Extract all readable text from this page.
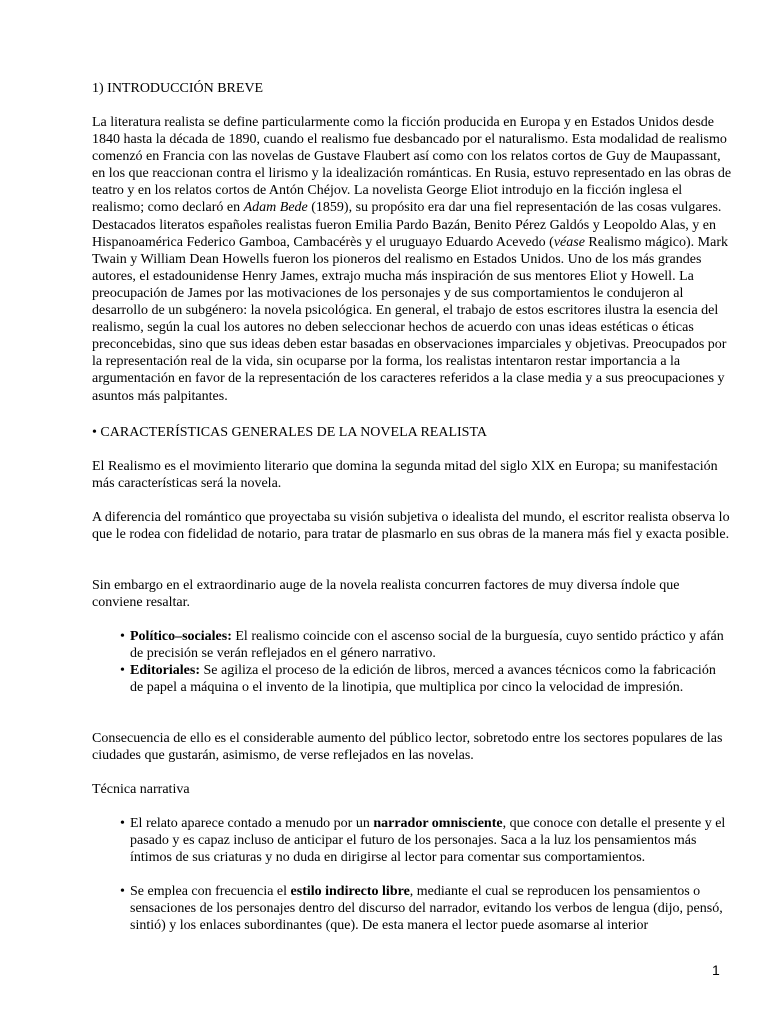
1) INTRODUCCIÓN BREVE

La literatura realista se define particularmente como la ficción producida en Europa y en Estados Unidos desde 1840 hasta la década de 1890, cuando el realismo fue desbancado por el naturalismo. Esta modalidad de realismo comenzó en Francia con las novelas de Gustave Flaubert así como con los relatos cortos de Guy de Maupassant, en los que reaccionan contra el lirismo y la idealización románticas. En Rusia, estuvo representado en las obras de teatro y en los relatos cortos de Antón Chéjov. La novelista George Eliot introdujo en la ficción inglesa el realismo; como declaró en Adam Bede (1859), su propósito era dar una fiel representación de las cosas vulgares. Destacados literatos españoles realistas fueron Emilia Pardo Bazán, Benito Pérez Galdós y Leopoldo Alas, y en Hispanoamérica Federico Gamboa, Cambacérès y el uruguayo Eduardo Acevedo (véase Realismo mágico). Mark Twain y William Dean Howells fueron los pioneros del realismo en Estados Unidos. Uno de los más grandes autores, el estadounidense Henry James, extrajo mucha más inspiración de sus mentores Eliot y Howell. La preocupación de James por las motivaciones de los personajes y de sus comportamientos le condujeron al desarrollo de un subgénero: la novela psicológica. En general, el trabajo de estos escritores ilustra la esencia del realismo, según la cual los autores no deben seleccionar hechos de acuerdo con unas ideas estéticas o éticas preconcebidas, sino que sus ideas deben estar basadas en observaciones imparciales y objetivas. Preocupados por la representación real de la vida, sin ocuparse por la forma, los realistas intentaron restar importancia a la argumentación en favor de la representación de los caracteres referidos a la clase media y a sus preocupaciones y asuntos más palpitantes.

• CARACTERÍSTICAS GENERALES DE LA NOVELA REALISTA

El Realismo es el movimiento literario que domina la segunda mitad del siglo XlX en Europa; su manifestación más características será la novela.

A diferencia del romántico que proyectaba su visión subjetiva o idealista del mundo, el escritor realista observa lo que le rodea con fidelidad de notario, para tratar de plasmarlo en sus obras de la manera más fiel y exacta posible.

Sin embargo en el extraordinario auge de la novela realista concurren factores de muy diversa índole que conviene resaltar.

• Político–sociales: El realismo coincide con el ascenso social de la burguesía, cuyo sentido práctico y afán de precisión se verán reflejados en el género narrativo.

• Editoriales: Se agiliza el proceso de la edición de libros, merced a avances técnicos como la fabricación de papel a máquina o el invento de la linotipia, que multiplica por cinco la velocidad de impresión.

Consecuencia de ello es el considerable aumento del público lector, sobretodo entre los sectores populares de las ciudades que gustarán, asimismo, de verse reflejados en las novelas.

Técnica narrativa

• El relato aparece contado a menudo por un narrador omnisciente, que conoce con detalle el presente y el pasado y es capaz incluso de anticipar el futuro de los personajes. Saca a la luz los pensamientos más íntimos de sus criaturas y no duda en dirigirse al lector para comentar sus comportamientos.

• Se emplea con frecuencia el estilo indirecto libre, mediante el cual se reproducen los pensamientos o sensaciones de los personajes dentro del discurso del narrador, evitando los verbos de lengua (dijo, pensó, sintió) y los enlaces subordinantes (que). De esta manera el lector puede asomarse al interior

1
